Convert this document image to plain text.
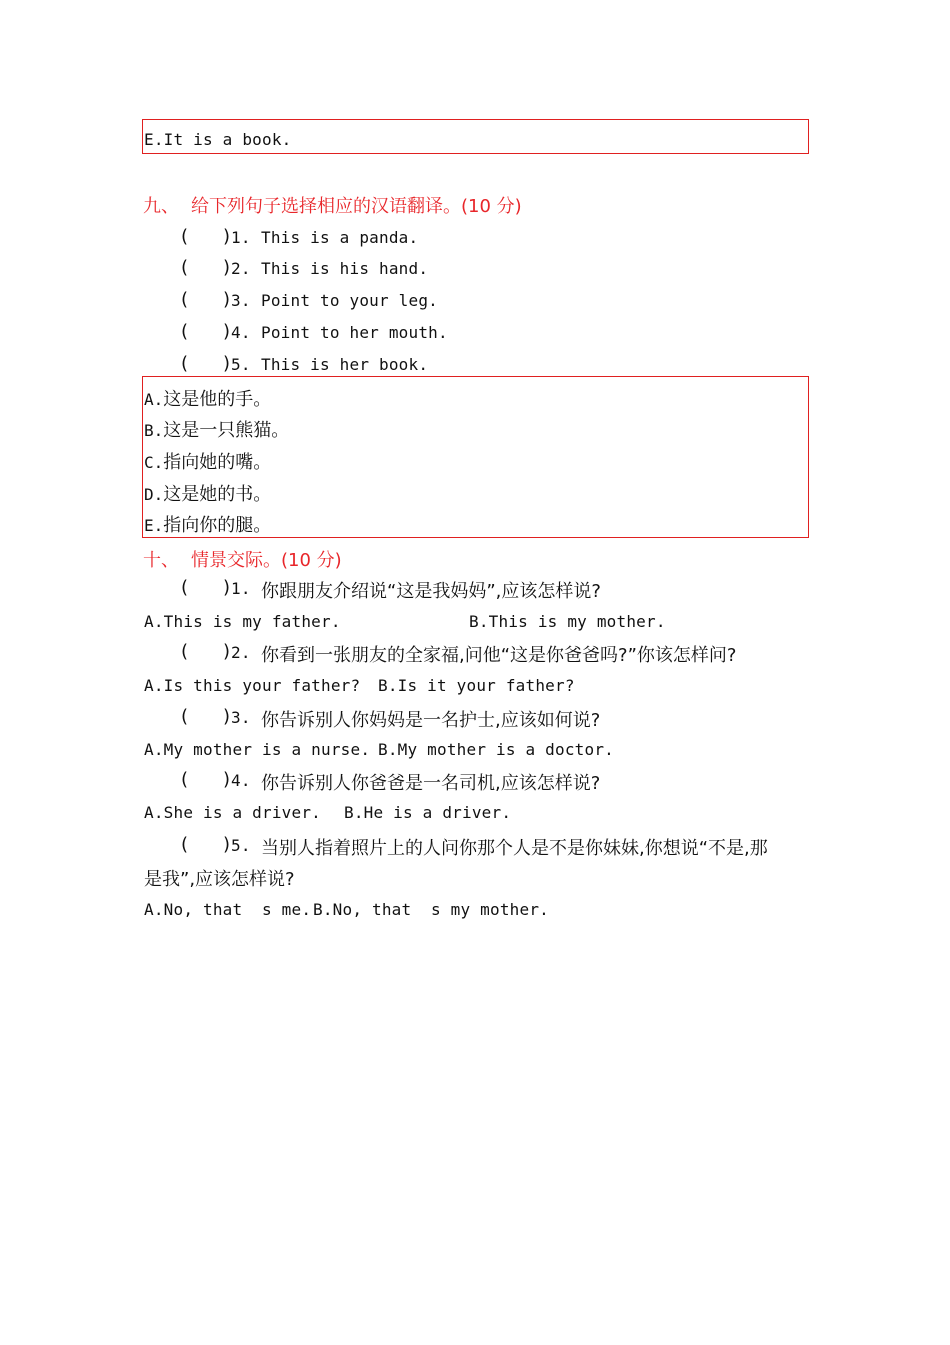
E.It is a book.
九、 给下列句子选择相应的汉语翻译。(10 分)
( ) 1. This is a panda.
( ) 2. This is his hand.
( ) 3. Point to your leg.
( ) 4. Point to her mouth.
( ) 5. This is her book.
A.这是他的手。
B.这是一只熊猫。
C.指向她的嘴。
D.这是她的书。
E.指向你的腿。
十、 情景交际。(10 分)
( ) 1. 你跟朋友介绍说“这是我妈妈”,应该怎样说?
A.This is my father.	B.This is my mother.
( ) 2. 你看到一张朋友的全家福,问他“这是你爸爸吗?”你该怎样问?
A.Is this your father? B.Is it your father?
( ) 3. 你告诉别人你妈妈是一名护士,应该如何说?
A.My mother is a nurse. B.My mother is a doctor.
( ) 4. 你告诉别人你爸爸是一名司机,应该怎样说?
A.She is a driver. B.He is a driver.
( ) 5. 当别人指着照片上的人问你那个人是不是你妹妹,你想说“不是,那
是我”,应该怎样说?
A.No, that  s me. B.No, that  s my mother.
